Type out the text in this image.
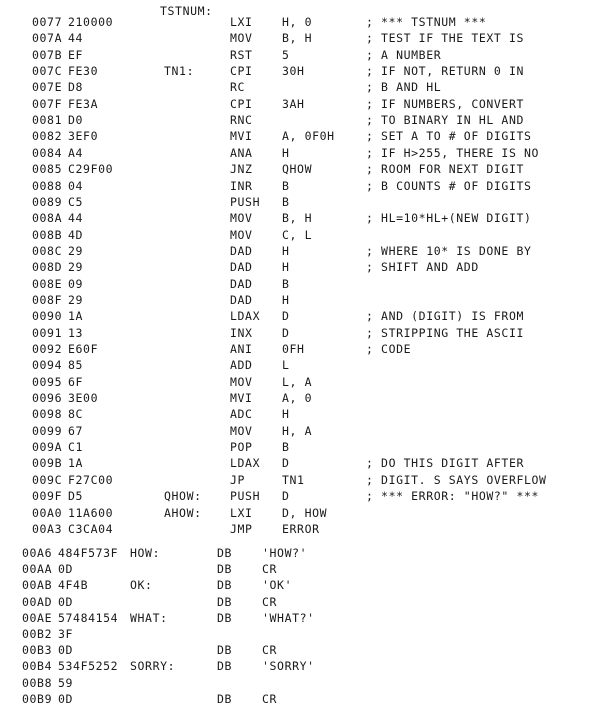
TSTNUM:
0077 210000	LXI	H, 0	; *** TSTNUM ***
007A 44	MOV	B, H	; TEST IF THE TEXT IS
007B EF	RST	5	; A NUMBER
007C FE30	TN1:	CPI	30H	; IF NOT, RETURN 0 IN
007E D8	RC	; B AND HL
007F FE3A	CPI	3AH	; IF NUMBERS, CONVERT
0081 D0	RNC	; TO BINARY IN HL AND
0082 3EF0	MVI	A, 0F0H	; SET A TO # OF DIGITS
0084 A4	ANA	H	; IF H>255, THERE IS NO
0085 C29F00	JNZ	QHOW	; ROOM FOR NEXT DIGIT
0088 04	INR	B	; B COUNTS # OF DIGITS
0089 C5	PUSH B
008A 44	MOV	B, H	; HL=10*HL+(NEW DIGIT)
008B 4D	MOV	C, L
008C 29	DAD	H	; WHERE 10* IS DONE BY
008D 29	DAD	H	; SHIFT AND ADD
008E 09	DAD	B
008F 29	DAD	H
0090 1A	LDAX D	; AND (DIGIT) IS FROM
0091 13	INX	D	; STRIPPING THE ASCII
0092 E60F	ANI	0FH	; CODE
0094 85	ADD	L
0095 6F	MOV	L, A
0096 3E00	MVI	A, 0
0098 8C	ADC	H
0099 67	MOV	H, A
009A C1	POP	B
009B 1A	LDAX D	; DO THIS DIGIT AFTER
009C F27C00	JP	TN1	; DIGIT. S SAYS OVERFLOW
009F D5	QHOW: PUSH D	; *** ERROR: "HOW?" ***
00A0 11A600	AHOW: LXI	D, HOW
00A3 C3CA04	JMP	ERROR
00A6 484F573F HOW:	DB	'HOW?'
00AA 0D	DB	CR
00AB 4F4B	OK:	DB	'OK'
00AD 0D	DB	CR
00AE 57484154 WHAT:	DB	'WHAT?'
00B2 3F
00B3 0D	DB	CR
00B4 534F5252 SORRY:	DB	'SORRY'
00B8 59
00B9 0D	DB	CR
